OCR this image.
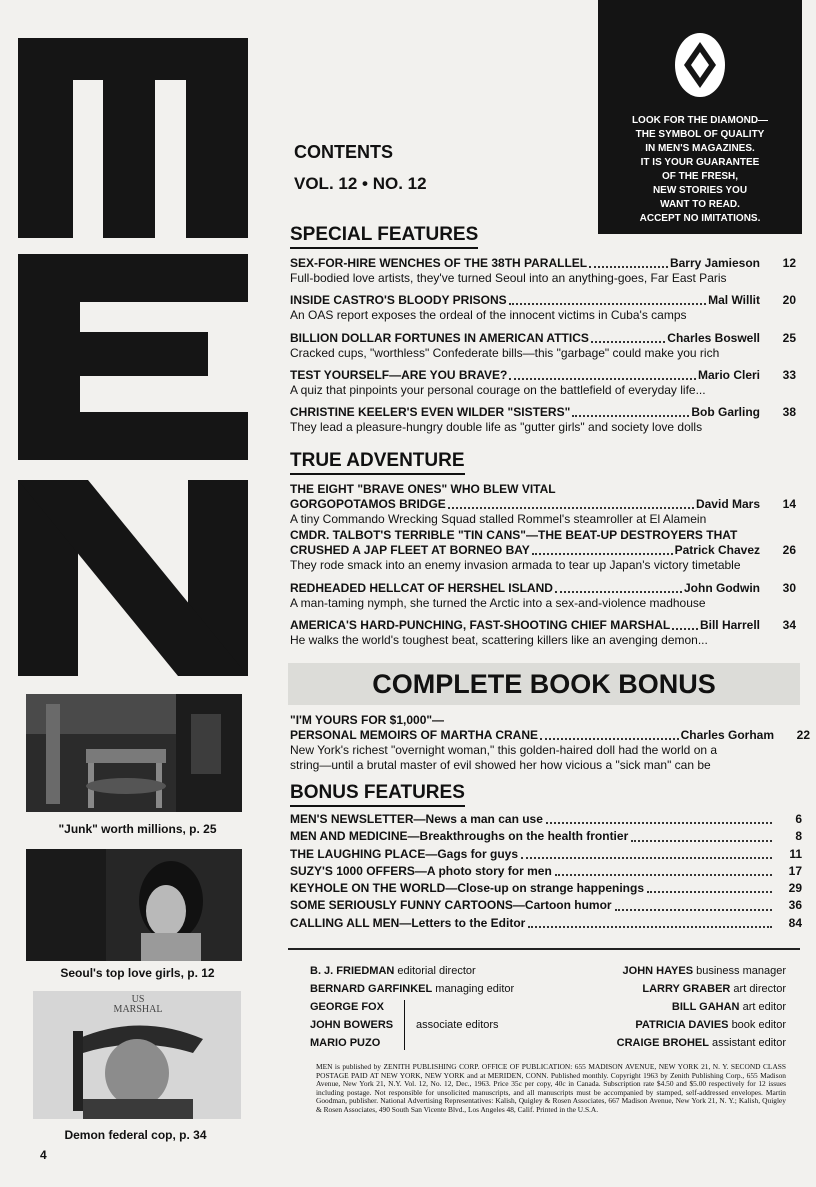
"Junk" worth millions, p. 25
Seoul's top love girls, p. 12
US
MARSHAL
Demon federal cop, p. 34
LOOK FOR THE DIAMOND—
THE SYMBOL OF QUALITY
IN MEN'S MAGAZINES.
IT IS YOUR GUARANTEE
OF THE FRESH,
NEW STORIES YOU
WANT TO READ.
ACCEPT NO IMITATIONS.
CONTENTS
VOL. 12 • NO. 12
SPECIAL FEATURES
SEX-FOR-HIRE WENCHES OF THE 38TH PARALLEL	Barry Jamieson 12
Full-bodied love artists, they've turned Seoul into an anything-goes, Far East Paris
INSIDE CASTRO'S BLOODY PRISONS	Mal Willit 20
An OAS report exposes the ordeal of the innocent victims in Cuba's camps
BILLION DOLLAR FORTUNES IN AMERICAN ATTICS	Charles Boswell 25
Cracked cups, "worthless" Confederate bills—this "garbage" could make you rich
TEST YOURSELF—ARE YOU BRAVE?	Mario Cleri 33
A quiz that pinpoints your personal courage on the battlefield of everyday life...
CHRISTINE KEELER'S EVEN WILDER "SISTERS"	Bob Garling 38
They lead a pleasure-hungry double life as "gutter girls" and society love dolls
TRUE ADVENTURE
THE EIGHT "BRAVE ONES" WHO BLEW VITAL
GORGOPOTAMOS BRIDGE	David Mars 14
A tiny Commando Wrecking Squad stalled Rommel's steamroller at El Alamein
CMDR. TALBOT'S TERRIBLE "TIN CANS"—THE BEAT-UP DESTROYERS THAT
CRUSHED A JAP FLEET AT BORNEO BAY	Patrick Chavez 26
They rode smack into an enemy invasion armada to tear up Japan's victory timetable
REDHEADED HELLCAT OF HERSHEL ISLAND	John Godwin 30
A man-taming nymph, she turned the Arctic into a sex-and-violence madhouse
AMERICA'S HARD-PUNCHING, FAST-SHOOTING CHIEF MARSHAL Bill Harrell 34
He walks the world's toughest beat, scattering killers like an avenging demon...
COMPLETE BOOK BONUS
"I'M YOURS FOR $1,000"—
PERSONAL MEMOIRS OF MARTHA CRANE	Charles Gorham 22
New York's richest "overnight woman," this golden-haired doll had the world on a
string—until a brutal master of evil showed her how vicious a "sick man" can be
BONUS FEATURES
MEN'S NEWSLETTER—News a man can use	6
MEN AND MEDICINE—Breakthroughs on the health frontier	8
THE LAUGHING PLACE—Gags for guys	11
SUZY'S 1000 OFFERS—A photo story for men	17
KEYHOLE ON THE WORLD—Close-up on strange happenings	29
SOME SERIOUSLY FUNNY CARTOONS—Cartoon humor	36
CALLING ALL MEN—Letters to the Editor	84
B. J. FRIEDMAN editorial director
BERNARD GARFINKEL managing editor
GEORGE FOX
JOHN BOWERS
MARIO PUZO
associate editors
JOHN HAYES business manager
LARRY GRABER art director
BILL GAHAN art editor
PATRICIA DAVIES book editor
CRAIGE BROHEL assistant editor
MEN is published by ZENITH PUBLISHING CORP. OFFICE OF PUBLICATION: 655 MADISON AVENUE, NEW YORK 21, N. Y. SECOND CLASS POSTAGE PAID AT NEW YORK, NEW YORK and at MERIDEN, CONN. Published monthly. Copyright 1963 by Zenith Publishing Corp., 655 Madison Avenue, New York 21, N.Y. Vol. 12, No. 12, Dec., 1963. Price 35c per copy, 40c in Canada. Subscription rate $4.50 and $5.00 respectively for 12 issues including postage. Not responsible for unsolicited manuscripts, and all manuscripts must be accompanied by stamped, self-addressed envelopes. Martin Goodman, publisher. National Advertising Representatives: Kalish, Quigley & Rosen Associates, 667 Madison Avenue, New York 21, N. Y.; Kalish, Quigley & Rosen Associates, 490 South San Vicente Blvd., Los Angeles 48, Calif. Printed in the U.S.A.
4
